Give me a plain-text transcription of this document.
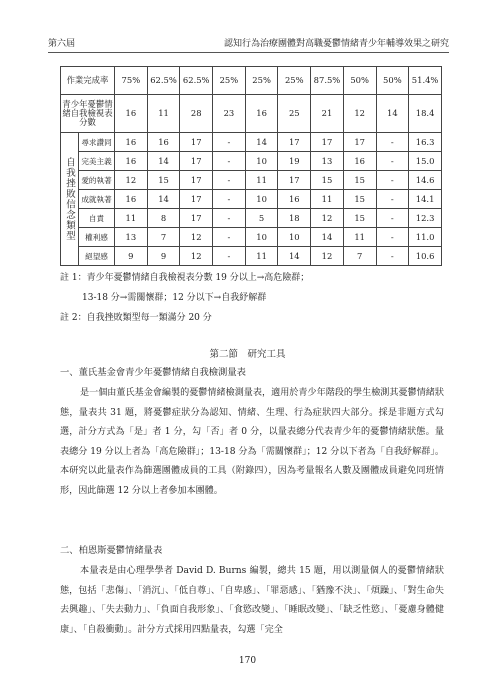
第六屆	認知行為治療團體對高職憂鬱情緒青少年輔導效果之研究
作業完成率		75%	62.5%	62.5%	25%	25%	25%	87.5%	50%	50%	51.4%
青少年憂鬱情緒自我檢視表分數		16	11	28	23	16	25	21	12	14	18.4
自我挫敗信念類型	尋求讚同	16	16	17	-	14	17	17	17	-	16.3
	完美主義	16	14	17	-	10	19	13	16	-	15.0
	愛的執著	12	15	17	-	11	17	15	15	-	14.6
	成就執著	16	14	17	-	10	16	11	15	-	14.1
	自責	11	8	17	-	5	18	12	15	-	12.3
	權利感	13	7	12	-	10	10	14	11	-	11.0
	絕望感	9	9	12	-	11	14	12	7	-	10.6
註 1：青少年憂鬱情緒自我檢視表分數 19 分以上→高危險群；
13-18 分→需關懷群；12 分以下→自我紓解群
註 2：自我挫敗類型每一類滿分 20 分
第二節　研究工具
一、董氏基金會青少年憂鬱情緒自我檢測量表
是一個由董氏基金會編製的憂鬱情緒檢測量表，適用於青少年階段的學生檢測其憂鬱情緒狀態，量表共 31 題，將憂鬱症狀分為認知、情緒、生理、行為症狀四大部分。採是非題方式勾選，計分方式為「是」者 1 分，勾「否」者 0 分，以量表總分代表青少年的憂鬱情緒狀態。量表總分 19 分以上者為「高危險群」；13-18 分為「需關懷群」；12 分以下者為「自我紓解群」。本研究以此量表作為篩選團體成員的工具（附錄四），因為考量報名人數及團體成員避免同班情形，因此篩選 12 分以上者參加本團體。
二、柏恩斯憂鬱情緒量表
本量表是由心理學學者 David D. Burns 編製，總共 15 題，用以測量個人的憂鬱情緒狀態，包括「悲傷」、「消沉」、「低自尊」、「自卑感」、「罪惡感」、「猶豫不決」、「煩躁」、「對生命失去興趣」、「失去動力」、「負面自我形象」、「食慾改變」、「睡眠改變」、「缺乏性慾」、「憂慮身體健康」、「自殺衝動」。計分方式採用四點量表，勾選「完全
170
